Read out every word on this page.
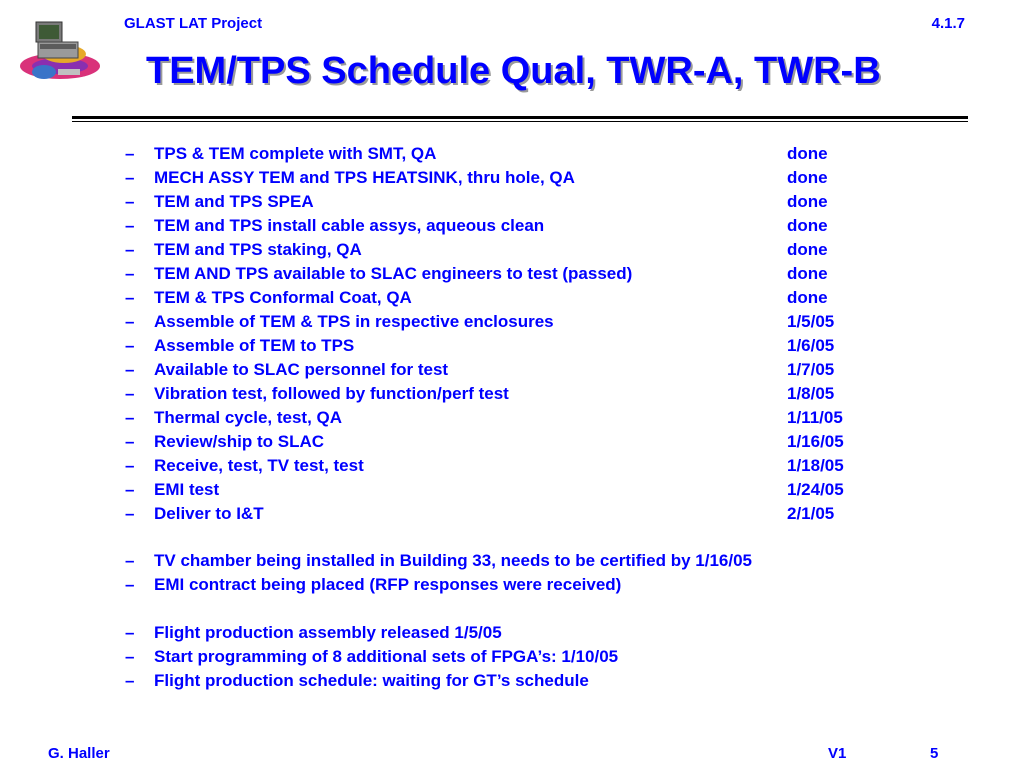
GLAST LAT Project	4.1.7
TEM/TPS Schedule Qual, TWR-A, TWR-B
– TPS & TEM complete with SMT, QA	done
– MECH ASSY TEM and TPS HEATSINK, thru hole, QA	done
– TEM and TPS SPEA	done
– TEM and TPS install cable assys, aqueous clean	done
– TEM and TPS staking, QA	done
– TEM AND TPS available to SLAC engineers to test (passed)	done
– TEM & TPS Conformal Coat, QA	done
– Assemble of TEM & TPS in respective enclosures	1/5/05
– Assemble of TEM to TPS	1/6/05
– Available to SLAC personnel for test	1/7/05
– Vibration test, followed by function/perf test	1/8/05
– Thermal cycle, test, QA	1/11/05
– Review/ship to SLAC	1/16/05
– Receive, test, TV test, test	1/18/05
– EMI test	1/24/05
– Deliver to I&T	2/1/05
– TV chamber being installed in Building 33, needs to be certified by 1/16/05
– EMI contract being placed (RFP responses were received)
– Flight production assembly released 1/5/05
– Start programming of 8 additional sets of FPGA’s: 1/10/05
– Flight production schedule: waiting for GT’s schedule
G. Haller	V1	5
